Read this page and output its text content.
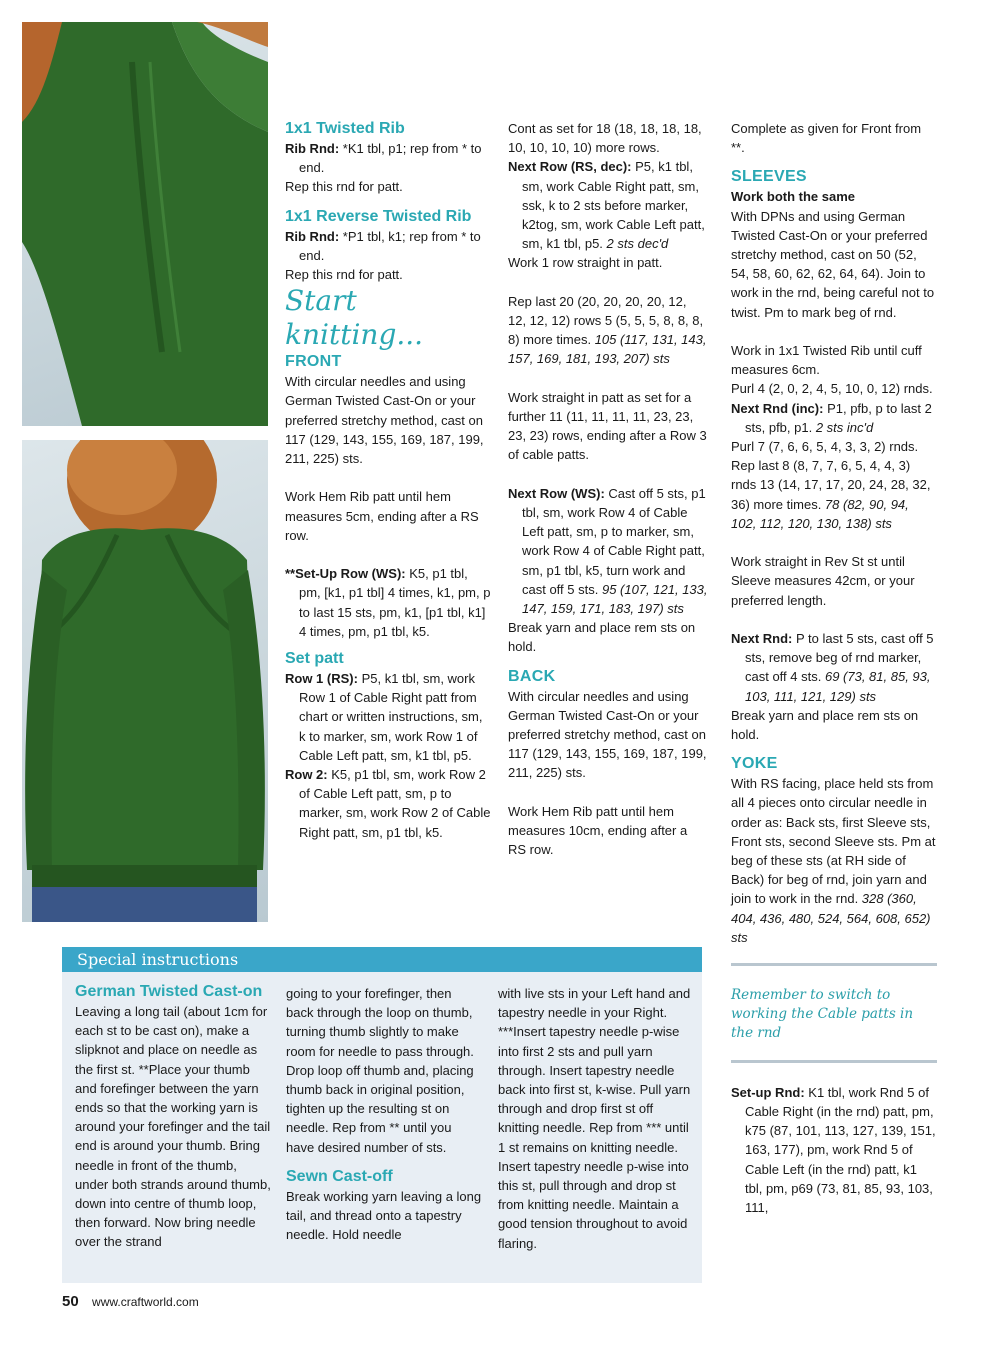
1x1 Twisted Rib

Rib Rnd: *K1 tbl, p1; rep from * to end.

Rep this rnd for patt.

1x1 Reverse Twisted Rib

Rib Rnd: *P1 tbl, k1; rep from * to end.

Rep this rnd for patt.

Start knitting...

FRONT

With circular needles and using German Twisted Cast-On or your preferred stretchy method, cast on 117 (129, 143, 155, 169, 187, 199, 211, 225) sts.

Work Hem Rib patt until hem measures 5cm, ending after a RS row.

**Set-Up Row (WS): K5, p1 tbl, pm, [k1, p1 tbl] 4 times, k1, pm, p to last 15 sts, pm, k1, [p1 tbl, k1] 4 times, pm, p1 tbl, k5.

Set patt

Row 1 (RS): P5, k1 tbl, sm, work Row 1 of Cable Right patt from chart or written instructions, sm, k to marker, sm, work Row 1 of Cable Left patt, sm, k1 tbl, p5.

Row 2: K5, p1 tbl, sm, work Row 2 of Cable Left patt, sm, p to marker, sm, work Row 2 of Cable Right patt, sm, p1 tbl, k5.

Cont as set for 18 (18, 18, 18, 18, 10, 10, 10, 10) more rows.

Next Row (RS, dec): P5, k1 tbl, sm, work Cable Right patt, sm, ssk, k to 2 sts before marker, k2tog, sm, work Cable Left patt, sm, k1 tbl, p5. 2 sts dec'd

Work 1 row straight in patt.

Rep last 20 (20, 20, 20, 20, 12, 12, 12, 12) rows 5 (5, 5, 5, 8, 8, 8, 8) more times. 105 (117, 131, 143, 157, 169, 181, 193, 207) sts

Work straight in patt as set for a further 11 (11, 11, 11, 11, 23, 23, 23, 23) rows, ending after a Row 3 of cable patts.

Next Row (WS): Cast off 5 sts, p1 tbl, sm, work Row 4 of Cable Left patt, sm, p to marker, sm, work Row 4 of Cable Right patt, sm, p1 tbl, k5, turn work and cast off 5 sts. 95 (107, 121, 133, 147, 159, 171, 183, 197) sts

Break yarn and place rem sts on hold.

BACK

With circular needles and using German Twisted Cast-On or your preferred stretchy method, cast on 117 (129, 143, 155, 169, 187, 199, 211, 225) sts.

Work Hem Rib patt until hem measures 10cm, ending after a RS row.

Complete as given for Front from **.

SLEEVES

Work both the same

With DPNs and using German Twisted Cast-On or your preferred stretchy method, cast on 50 (52, 54, 58, 60, 62, 62, 64, 64). Join to work in the rnd, being careful not to twist. Pm to mark beg of rnd.

Work in 1x1 Twisted Rib until cuff measures 6cm.

Purl 4 (2, 0, 2, 4, 5, 10, 0, 12) rnds.

Next Rnd (inc): P1, pfb, p to last 2 sts, pfb, p1. 2 sts inc'd

Purl 7 (7, 6, 6, 5, 4, 3, 3, 2) rnds.

Rep last 8 (8, 7, 7, 6, 5, 4, 4, 3) rnds 13 (14, 17, 17, 20, 24, 28, 32, 36) more times. 78 (82, 90, 94, 102, 112, 120, 130, 138) sts

Work straight in Rev St st until Sleeve measures 42cm, or your preferred length.

Next Rnd: P to last 5 sts, cast off 5 sts, remove beg of rnd marker, cast off 4 sts. 69 (73, 81, 85, 93, 103, 111, 121, 129) sts

Break yarn and place rem sts on hold.

YOKE

With RS facing, place held sts from all 4 pieces onto circular needle in order as: Back sts, first Sleeve sts, Front sts, second Sleeve sts. Pm at beg of these sts (at RH side of Back) for beg of rnd, join yarn and join to work in the rnd. 328 (360, 404, 436, 480, 524, 564, 608, 652) sts

Remember to switch to working the Cable patts in the rnd

Set-up Rnd: K1 tbl, work Rnd 5 of Cable Right (in the rnd) patt, pm, k75 (87, 101, 113, 127, 139, 151, 163, 177), pm, work Rnd 5 of Cable Left (in the rnd) patt, k1 tbl, pm, p69 (73, 81, 85, 93, 103, 111,

Special instructions

German Twisted Cast-on

Leaving a long tail (about 1cm for each st to be cast on), make a slipknot and place on needle as the first st. **Place your thumb and forefinger between the yarn ends so that the working yarn is around your forefinger and the tail end is around your thumb. Bring needle in front of the thumb, under both strands around thumb, down into centre of thumb loop, then forward. Now bring needle over the strand

going to your forefinger, then back through the loop on thumb, turning thumb slightly to make room for needle to pass through. Drop loop off thumb and, placing thumb back in original position, tighten up the resulting st on needle. Rep from ** until you have desired number of sts.

Sewn Cast-off

Break working yarn leaving a long tail, and thread onto a tapestry needle. Hold needle

with live sts in your Left hand and tapestry needle in your Right. ***Insert tapestry needle p-wise into first 2 sts and pull yarn through. Insert tapestry needle back into first st, k-wise. Pull yarn through and drop first st off knitting needle. Rep from *** until 1 st remains on knitting needle. Insert tapestry needle p-wise into this st, pull through and drop st from knitting needle. Maintain a good tension throughout to avoid flaring.

50 www.craftworld.com
